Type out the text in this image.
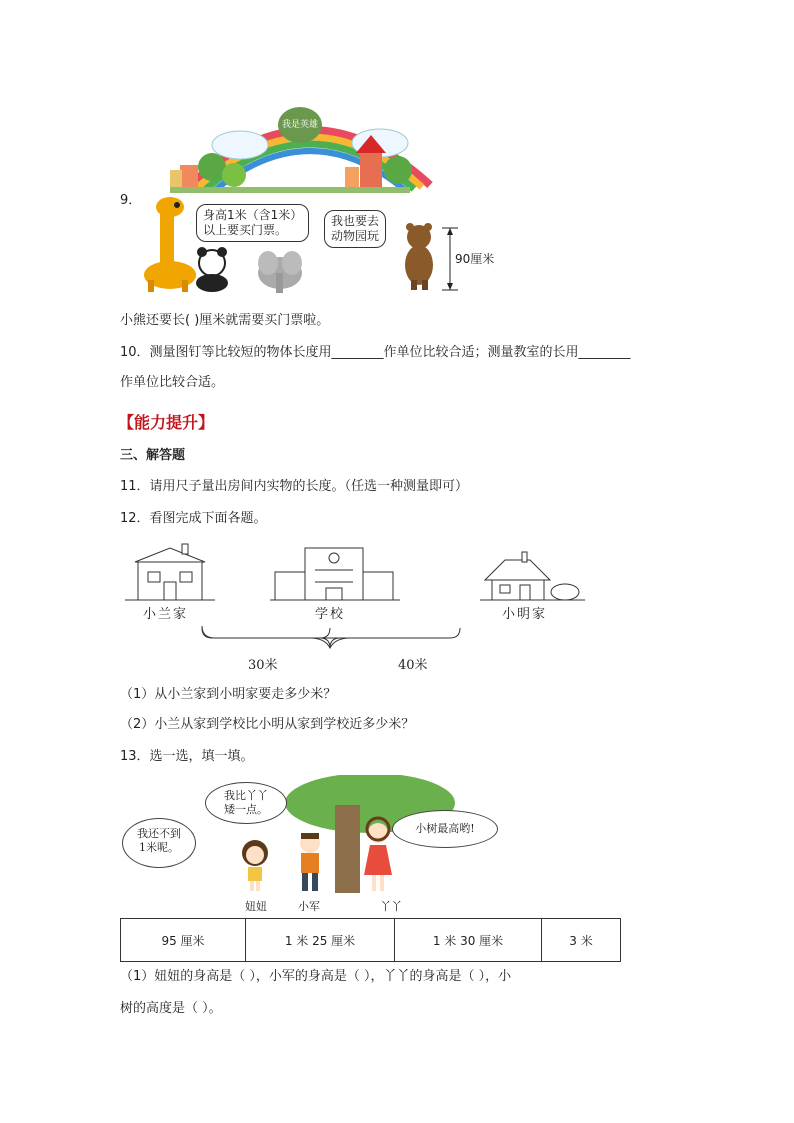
我是英雄
9．
身高1米（含1米）
以上要买门票。
我也要去
动物园玩
90厘米
小熊还要长( )厘米就需要买门票啦。
10．测量图钉等比较短的物体长度用________作单位比较合适；测量教室的长用________
作单位比较合适。
【能力提升】
三、解答题
11．请用尺子量出房间内实物的长度。（任选一种测量即可）
12．看图完成下面各题。
小兰家	学校	小明家
30米	40米
（1）从小兰家到小明家要走多少米？
（2）小兰从家到学校比小明从家到学校近多少米？
13．选一选，填一填。
我还不到
1米呢。
我比丫丫
矮一点。
小树最高哟!
妞妞	小军	丫丫
95 厘米	1 米 25 厘米	1 米 30 厘米	3 米
（1）妞妞的身高是（ ），小军的身高是（ ），丫丫的身高是（ ），小
树的高度是（ ）。
